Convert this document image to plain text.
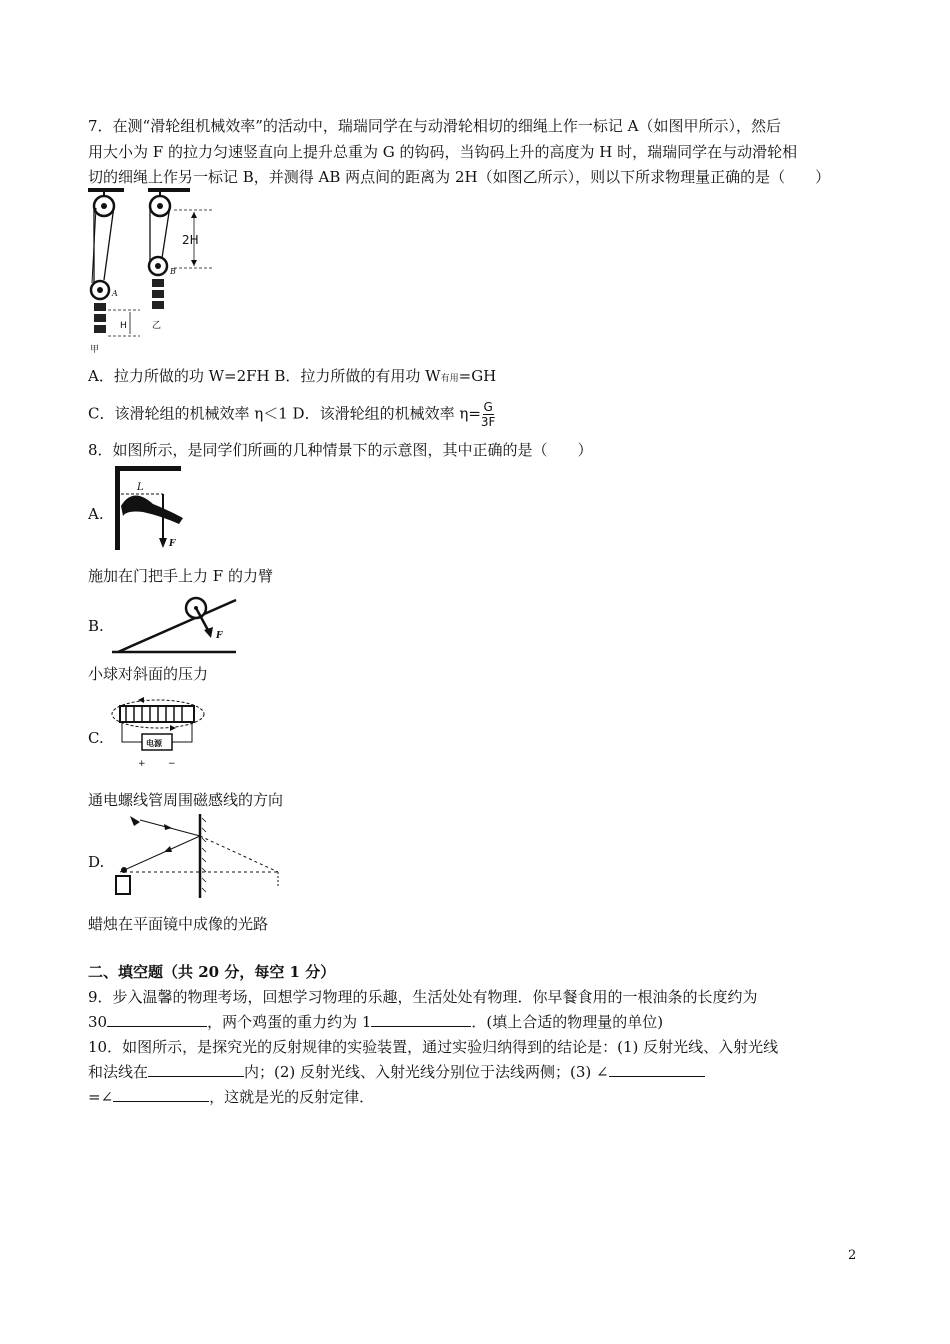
7．在测“滑轮组机械效率”的活动中，瑞瑞同学在与动滑轮相切的细绳上作一标记 A（如图甲所示），然后
用大小为 F 的拉力匀速竖直向上提升总重为 G 的钩码，当钩码上升的高度为 H 时，瑞瑞同学在与动滑轮相
切的细绳上作另一标记 B，并测得 AB 两点间的距离为 2H（如图乙所示），则以下所求物理量正确的是（　　）
2H
H
A
B
甲
乙
A．拉力所做的功 W=2FH B．拉力所做的有用功 W有用=GH
C．该滑轮组的机械效率 η＜1 D．该滑轮组的机械效率 $\eta= \frac{G}{3F}$
8．如图所示，是同学们所画的几种情景下的示意图，其中正确的是（　　）
A.
L
F
施加在门把手上力 F 的力臂
B.
F
小球对斜面的压力
C.	电源
+ −
通电螺线管周围磁感线的方向
D.
蜡烛在平面镜中成像的光路
二、填空题（共 20 分，每空 1 分）
9．步入温馨的物理考场，回想学习物理的乐趣，生活处处有物理．你早餐食用的一根油条的长度约为
30	，两个鸡蛋的重力约为 1	．(填上合适的物理量的单位)
10．如图所示，是探究光的反射规律的实验装置，通过实验归纳得到的结论是：(1) 反射光线、入射光线
和法线在	内；(2) 反射光线、入射光线分别位于法线两侧；(3) ∠
=∠	，这就是光的反射定律．
2
